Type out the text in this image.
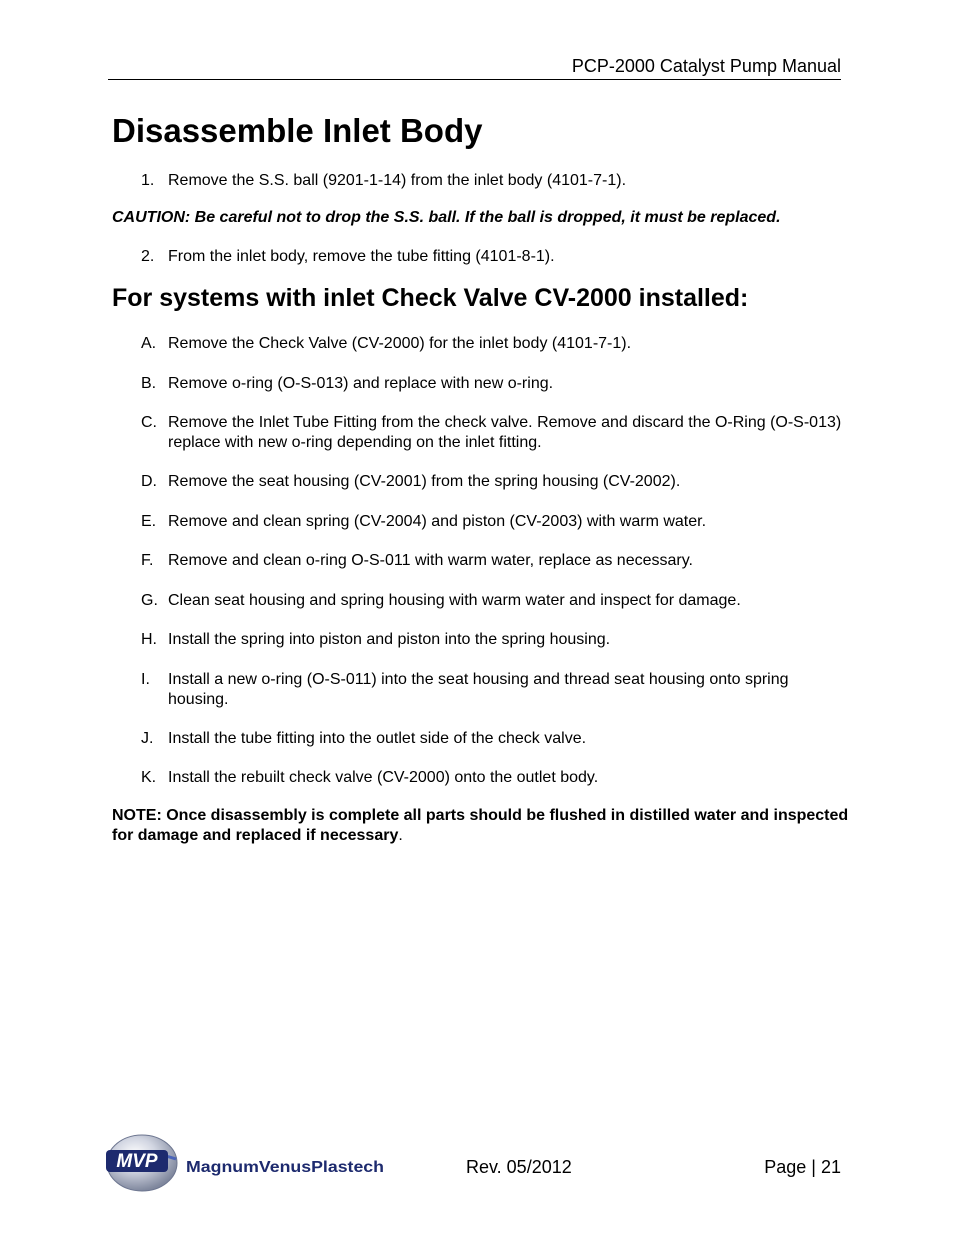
PCP-2000 Catalyst Pump Manual
Disassemble Inlet Body
1. Remove the S.S. ball (9201-1-14) from the inlet body (4101-7-1).
CAUTION: Be careful not to drop the S.S. ball. If the ball is dropped, it must be replaced.
2. From the inlet body, remove the tube fitting (4101-8-1).
For systems with inlet Check Valve CV-2000 installed:
A. Remove the Check Valve (CV-2000) for the inlet body (4101-7-1).
B. Remove o-ring (O-S-013) and replace with new o-ring.
C. Remove the Inlet Tube Fitting from the check valve. Remove and discard the O-Ring (O-S-013) replace with new o-ring depending on the inlet fitting.
D. Remove the seat housing (CV-2001) from the spring housing (CV-2002).
E. Remove and clean spring (CV-2004) and piston (CV-2003) with warm water.
F. Remove and clean o-ring O-S-011 with warm water, replace as necessary.
G. Clean seat housing and spring housing with warm water and inspect for damage.
H. Install the spring into piston and piston into the spring housing.
I. Install a new o-ring (O-S-011) into the seat housing and thread seat housing onto spring housing.
J. Install the tube fitting into the outlet side of the check valve.
K. Install the rebuilt check valve (CV-2000) onto the outlet body.
NOTE: Once disassembly is complete all parts should be flushed in distilled water and inspected for damage and replaced if necessary.
MVP MagnumVenusPlastech	Rev. 05/2012	Page | 21
